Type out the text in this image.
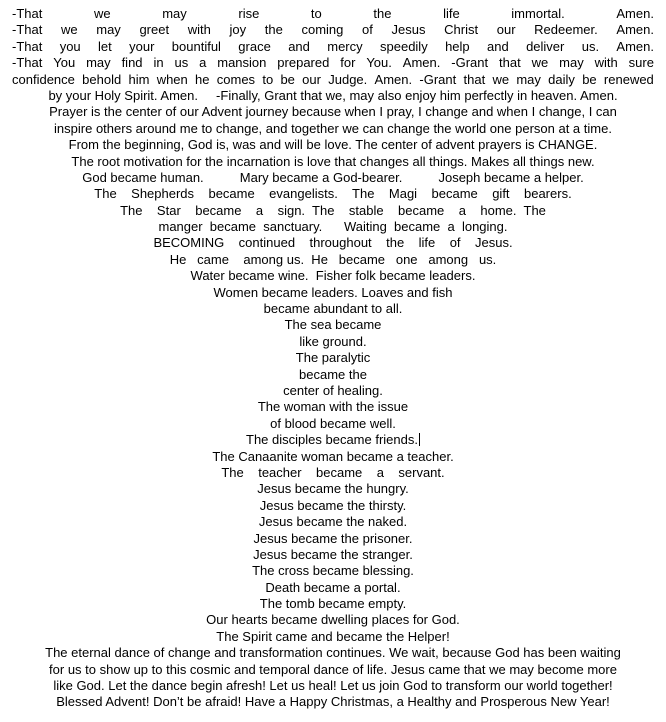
-That	we	may	rise	to	the	life	immortal.	Amen.
-That we may greet with joy the coming of Jesus Christ our Redeemer. Amen.
-That you let your bountiful grace and mercy speedily help and deliver us. Amen.
-That You may find in us a mansion prepared for You. Amen. -Grant that we may with sure
confidence behold him when he comes to be our Judge. Amen. -Grant that we may daily be renewed
by your Holy Spirit. Amen.     -Finally, Grant that we, may also enjoy him perfectly in heaven. Amen.
Prayer is the center of our Advent journey because when I pray, I change and when I change, I can
inspire others around me to change, and together we can change the world one person at a time.
From the beginning, God is, was and will be love. The center of advent prayers is CHANGE.
The root motivation for the incarnation is love that changes all things. Makes all things new.
God became human.          Mary became a God-bearer.          Joseph became a helper.
The    Shepherds    became    evangelists.    The    Magi    became    gift    bearers.
The    Star    became    a    sign.  The    stable    became    a    home.  The
manger  became  sanctuary.      Waiting  became  a  longing.
BECOMING    continued    throughout    the    life    of    Jesus.
He   came    among us.  He   became   one   among   us.
Water became wine.  Fisher folk became leaders.
Women became leaders. Loaves and fish
became abundant to all.
The sea became
like ground.
The paralytic
became the
center of healing.
The woman with the issue
of blood became well.
The disciples became friends.
The Canaanite woman became a teacher.
The    teacher    became    a    servant.
Jesus became the hungry.
Jesus became the thirsty.
Jesus became the naked.
Jesus became the prisoner.
Jesus became the stranger.
The cross became blessing.
Death became a portal.
The tomb became empty.
Our hearts became dwelling places for God.
The Spirit came and became the Helper!
The eternal dance of change and transformation continues. We wait, because God has been waiting
for us to show up to this cosmic and temporal dance of life. Jesus came that we may become more
like God. Let the dance begin afresh! Let us heal! Let us join God to transform our world together!
Blessed Advent! Don’t be afraid! Have a Happy Christmas, a Healthy and Prosperous New Year!
